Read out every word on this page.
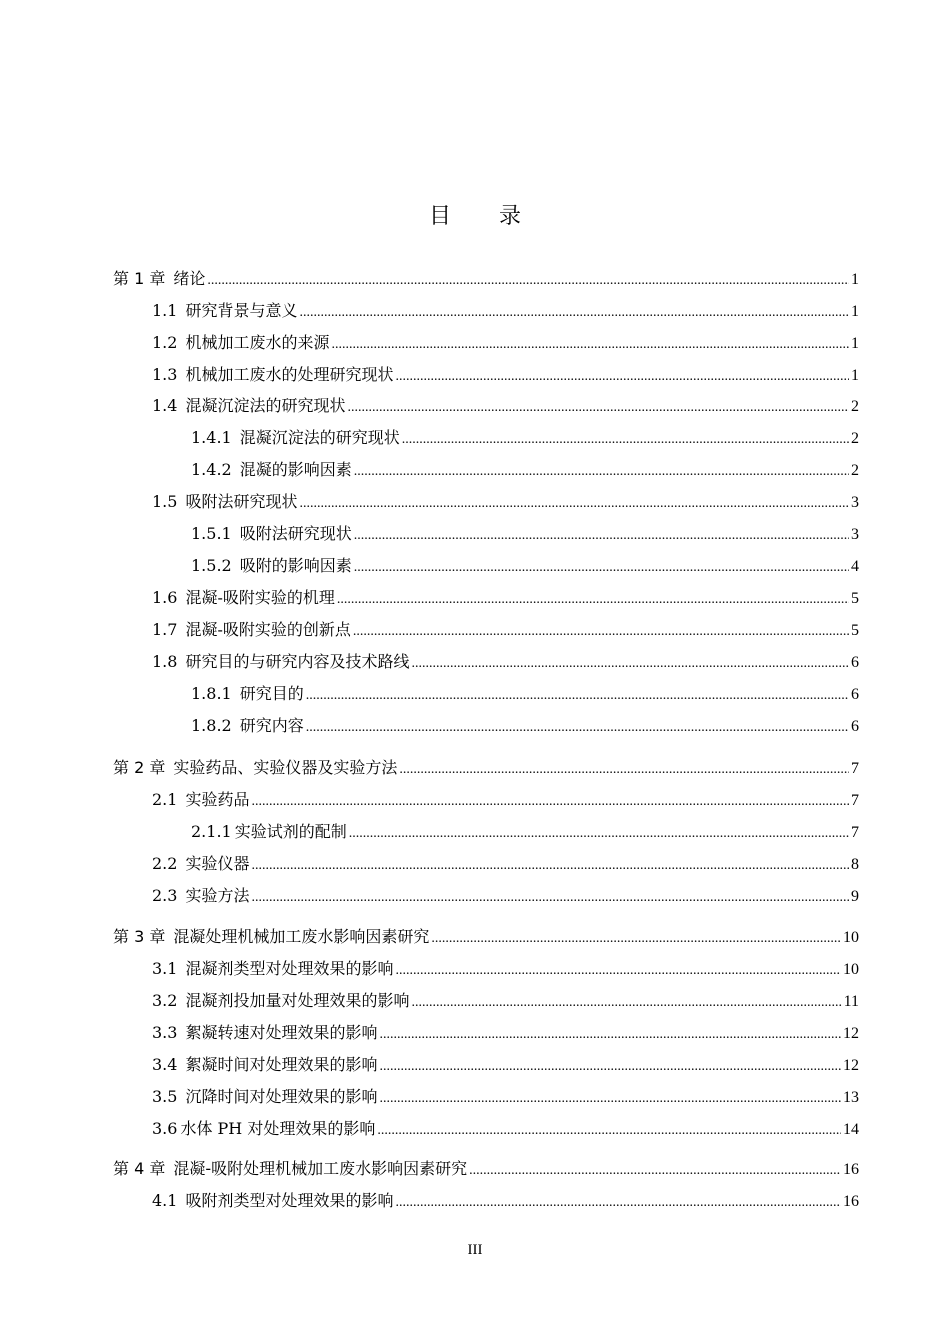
目 录
第 1 章 绪论 .....	1
1.1 研究背景与意义 .....	1
1.2 机械加工废水的来源 .....	1
1.3 机械加工废水的处理研究现状 .....	1
1.4 混凝沉淀法的研究现状 .....	2
1.4.1 混凝沉淀法的研究现状 .....	2
1.4.2 混凝的影响因素 .....	2
1.5 吸附法研究现状 .....	3
1.5.1 吸附法研究现状 .....	3
1.5.2 吸附的影响因素 .....	4
1.6 混凝-吸附实验的机理 .....	5
1.7 混凝-吸附实验的创新点 .....	5
1.8 研究目的与研究内容及技术路线 .....	6
1.8.1 研究目的 .....	6
1.8.2 研究内容 .....	6
第 2 章 实验药品、实验仪器及实验方法 .....	7
2.1 实验药品 .....	7
2.1.1 实验试剂的配制 .....	7
2.2 实验仪器 .....	8
2.3 实验方法 .....	9
第 3 章 混凝处理机械加工废水影响因素研究 .....	10
3.1 混凝剂类型对处理效果的影响 .....	10
3.2 混凝剂投加量对处理效果的影响 .....	11
3.3 絮凝转速对处理效果的影响 .....	12
3.4 絮凝时间对处理效果的影响 .....	12
3.5 沉降时间对处理效果的影响 .....	13
3.6 水体 PH 对处理效果的影响 .....	14
第 4 章 混凝-吸附处理机械加工废水影响因素研究 .....	16
4.1 吸附剂类型对处理效果的影响 .....	16
III
